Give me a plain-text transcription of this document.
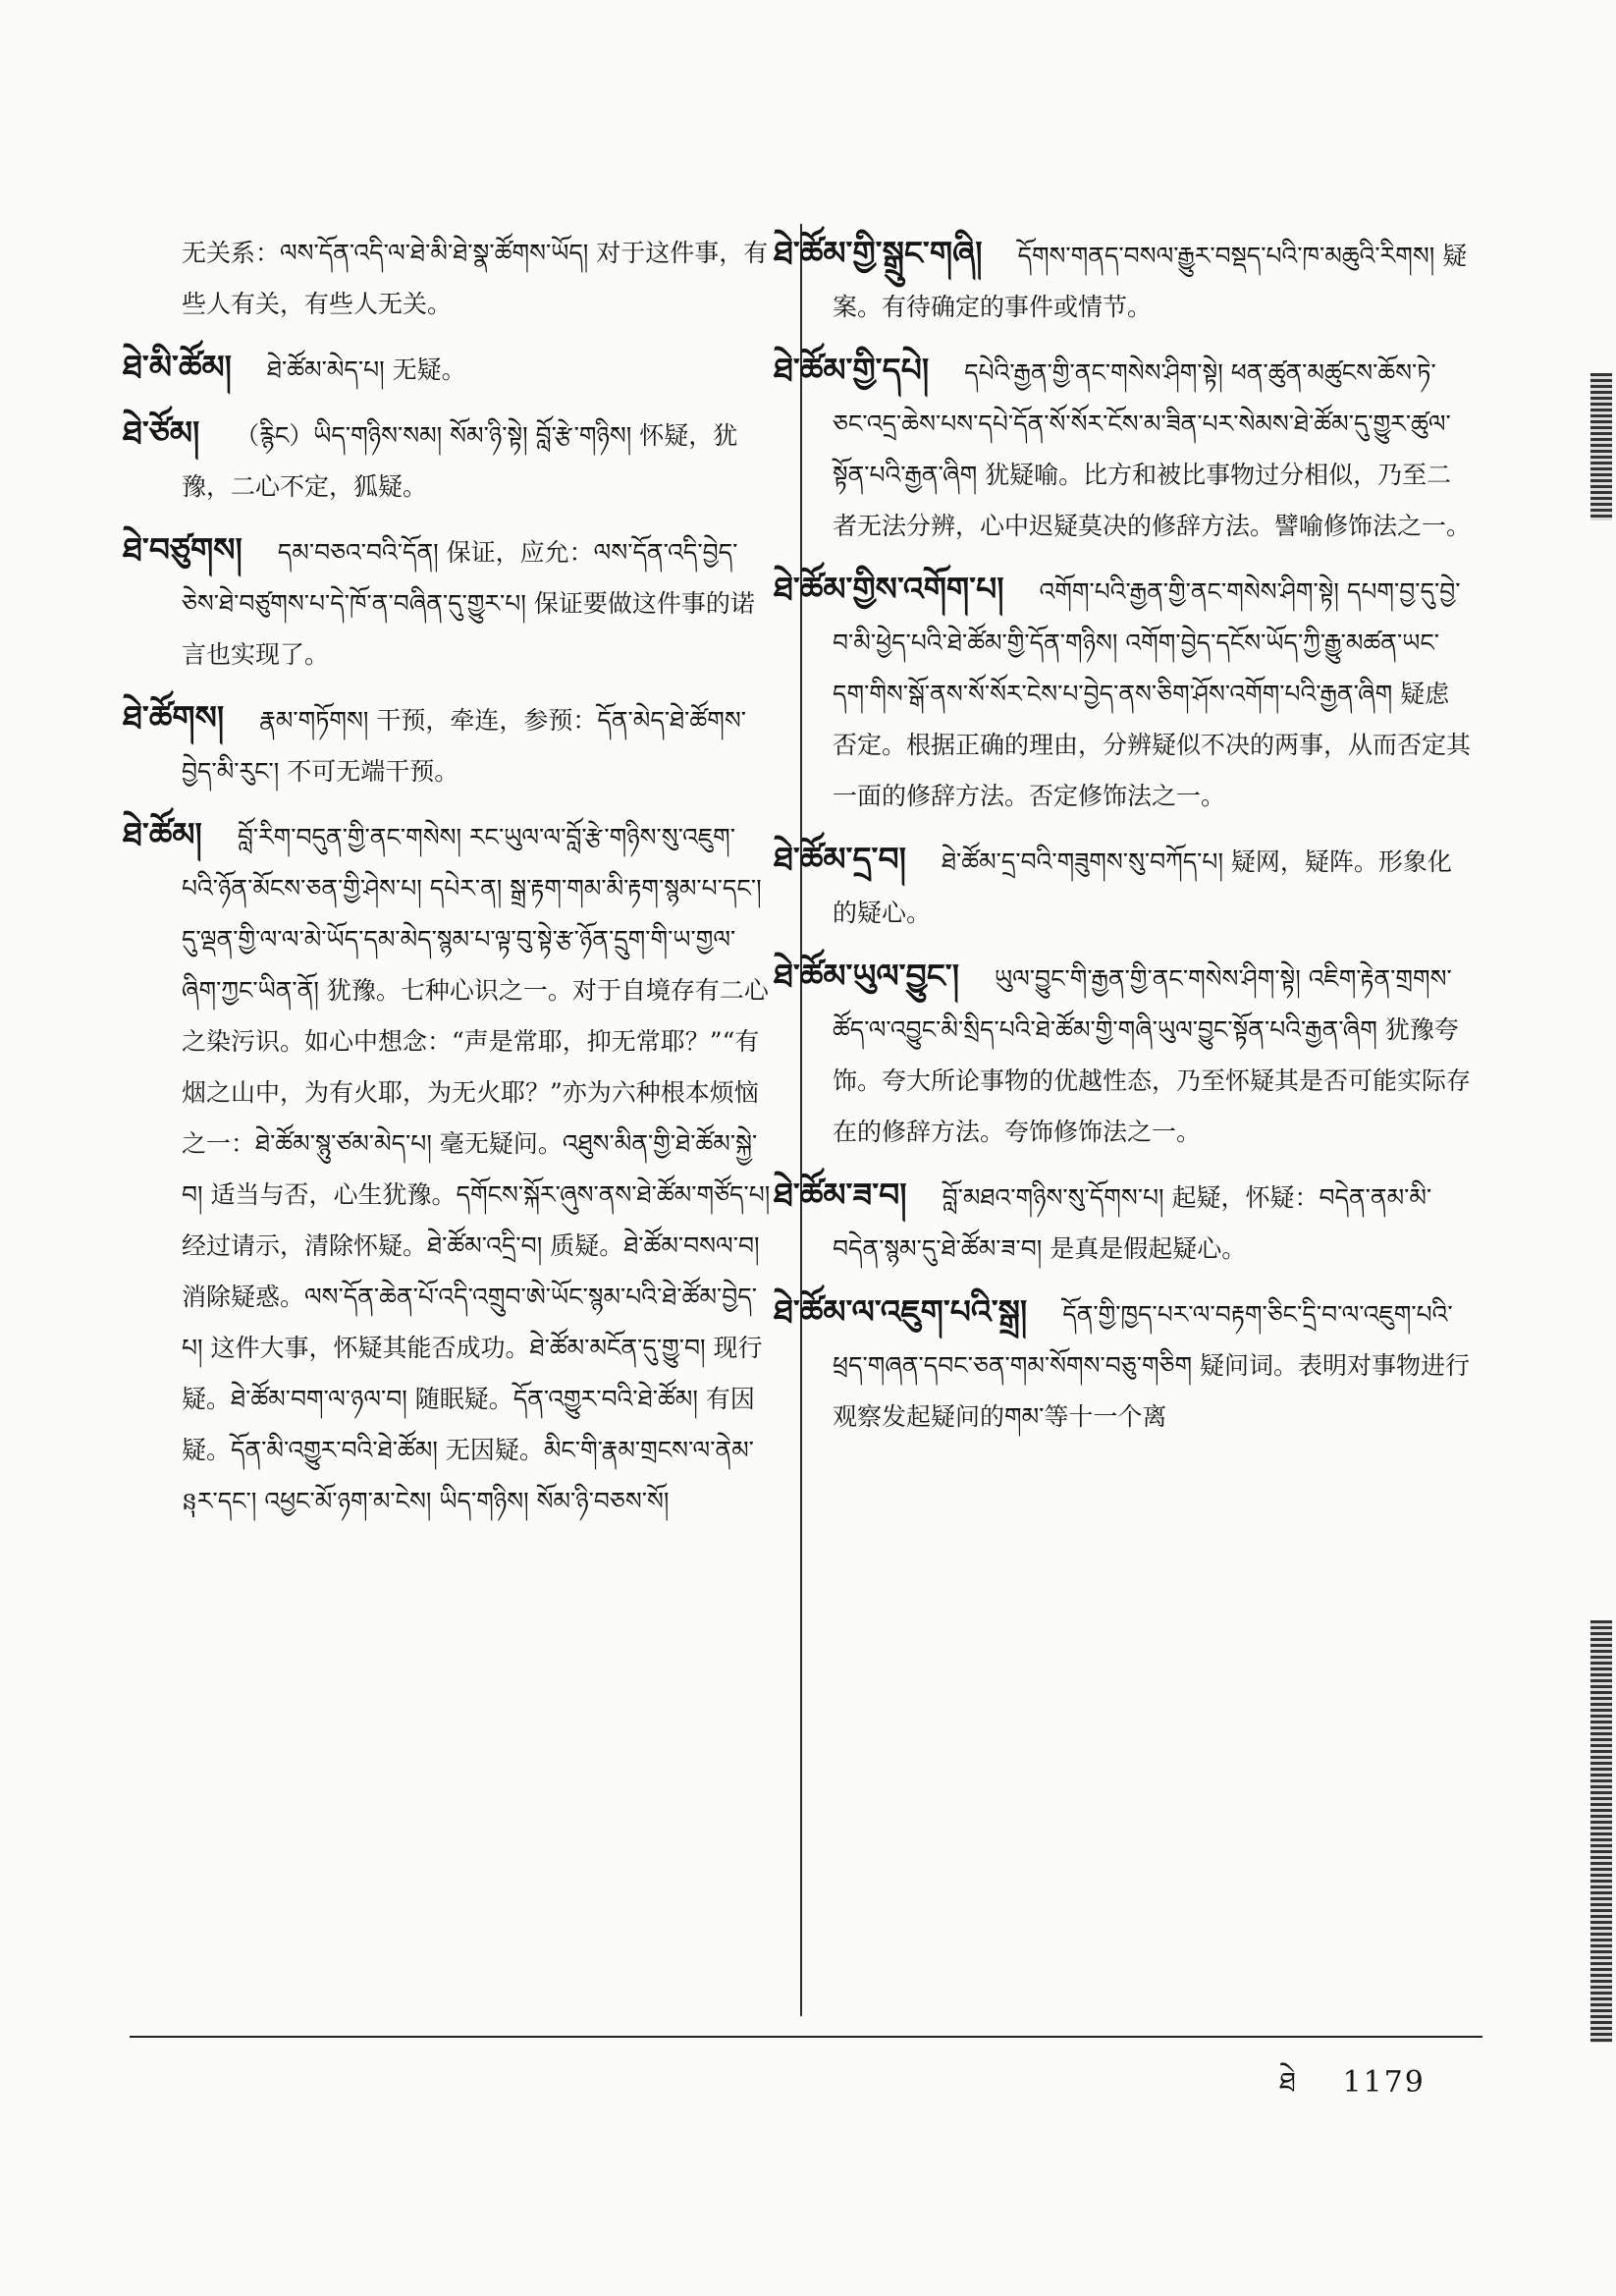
无关系：ལས་དོན་འདི་ལ་ཐེ་མི་ཐེ་སྣ་ཚོགས་ཡོད། 对于这件事，有些人有关，有些人无关。
ཐེ་མི་ཚོམ། ཐེ་ཚོམ་མེད་པ། 无疑。
ཐེ་ཙོམ། （རྙིང）ཡིད་གཉིས་སམ། སོམ་ཉི་སྟེ། བློ་རྩེ་གཉིས། 怀疑，犹豫，二心不定，狐疑。
ཐེ་བཙུགས། དམ་བཅའ་བའི་དོན། 保证，应允：ལས་དོན་འདི་བྱེད་ཅེས་ཐེ་བཙུགས་པ་དེ་ཁོ་ན་བཞིན་དུ་གྱུར་པ། 保证要做这件事的诺言也实现了。
ཐེ་ཚོགས། རྣམ་གཏོགས། 干预，牵连，参预：དོན་མེད་ཐེ་ཚོགས་བྱེད་མི་རུང་། 不可无端干预。
ཐེ་ཚོམ། བློ་རིག་བདུན་གྱི་ནང་གསེས། རང་ཡུལ་ལ་བློ་རྩེ་གཉིས་སུ་འཇུག་པའི་ཉོན་མོངས་ཅན་གྱི་ཤེས་པ། དཔེར་ན། སྒྲ་རྟག་གམ་མི་རྟག་སྙམ་པ་དང་། དུ་ལྡན་གྱི་ལ་ལ་མེ་ཡོད་དམ་མེད་སྙམ་པ་ལྟ་བུ་སྟེ་རྩ་ཉོན་དྲུག་གི་ཡ་གྱལ་ཞིག་ཀྱང་ཡིན་ནོ། 犹豫。七种心识之一。对于自境存有二心之染污识。如心中想念：“声是常耶，抑无常耶？”“有烟之山中，为有火耶，为无火耶？”亦为六种根本烦恼之一：ཐེ་ཚོམ་སྙུ་ཙམ་མེད་པ། 毫无疑问。འཐུས་མིན་གྱི་ཐེ་ཚོམ་སྐྱེ་བ། 适当与否，心生犹豫。དགོངས་སྐོར་ཞུས་ནས་ཐེ་ཚོམ་གཙོད་པ། 经过请示，清除怀疑。ཐེ་ཚོམ་འདྲི་བ། 质疑。ཐེ་ཚོམ་བསལ་བ། 消除疑惑。ལས་དོན་ཆེན་པོ་འདི་འགྲུབ་ཨེ་ཡོང་སྙམ་པའི་ཐེ་ཚོམ་བྱེད་པ། 这件大事，怀疑其能否成功。ཐེ་ཚོམ་མངོན་དུ་གྱུ་བ། 现行疑。ཐེ་ཚོམ་བག་ལ་ཉལ་བ། 随眠疑。དོན་འགྱུར་བའི་ཐེ་ཚོམ། 有因疑。དོན་མི་འགྱུར་བའི་ཐེ་ཚོམ། 无因疑。མིང་གི་རྣམ་གྲངས་ལ་ནེམ་នុར་དང་། འཕྱང་མོ་ཉག་མ་ངེས། ཡིད་གཉིས། སོམ་ཉི་བཅས་སོ།
ཐེ་ཚོམ་གྱི་སྒྲུང་གཞི། དོགས་གནད་བསལ་རྒྱུར་བསྡད་པའི་ཁ་མཆུའི་རིགས། 疑案。有待确定的事件或情节。
ཐེ་ཚོམ་གྱི་དཔེ། དཔེའི་རྒྱན་གྱི་ནང་གསེས་ཤིག་སྟེ། ཕན་ཚུན་མཚུངས་ཆོས་ཏེ་ཅང་འདྲ་ཆེས་པས་དཔེ་དོན་སོ་སོར་ངོས་མ་ཟིན་པར་སེམས་ཐེ་ཚོམ་དུ་གྱུར་ཚུལ་སྟོན་པའི་རྒྱན་ཞིག 犹疑喻。比方和被比事物过分相似，乃至二者无法分辨，心中迟疑莫决的修辞方法。譬喻修饰法之一。
ཐེ་ཚོམ་གྱིས་འགོག་པ། འགོག་པའི་རྒྱན་གྱི་ནང་གསེས་ཤིག་སྟེ། དཔག་བྱ་དུ་བྱེ་བ་མི་ཕྱེད་པའི་ཐེ་ཚོམ་གྱི་དོན་གཉིས། འགོག་བྱེད་དངོས་ཡོད་ཀྱི་རྒྱུ་མཚན་ཡང་དག་གིས་སྒོ་ནས་སོ་སོར་ངེས་པ་བྱེད་ནས་ཅིག་ཤོས་འགོག་པའི་རྒྱན་ཞིག 疑虑否定。根据正确的理由，分辨疑似不决的两事，从而否定其一面的修辞方法。否定修饰法之一。
ཐེ་ཚོམ་དྲ་བ། ཐེ་ཚོམ་དྲ་བའི་གཟུགས་སུ་བཀོད་པ། 疑网，疑阵。形象化的疑心。
ཐེ་ཚོམ་ཡུལ་བྱུང་། ཡུལ་བྱུང་གི་རྒྱན་གྱི་ནང་གསེས་ཤིག་སྟེ། འཇིག་རྟེན་གྲགས་ཚོད་ལ་འབྱུང་མི་སྲིད་པའི་ཐེ་ཚོམ་གྱི་གཞི་ཡུལ་བྱུང་སྟོན་པའི་རྒྱན་ཞིག 犹豫夸饰。夸大所论事物的优越性态，乃至怀疑其是否可能实际存在的修辞方法。夸饰修饰法之一。
ཐེ་ཚོམ་ཟ་བ། བློ་མཐའ་གཉིས་སུ་དོགས་པ། 起疑，怀疑：བདེན་ནམ་མི་བདེན་སྙམ་དུ་ཐེ་ཚོམ་ཟ་བ། 是真是假起疑心。
ཐེ་ཚོམ་ལ་འཇུག་པའི་སྒྲ། དོན་གྱི་ཁྱད་པར་ལ་བརྟག་ཅིང་དྲི་བ་ལ་འཇུག་པའི་ཕྲད་གཞན་དབང་ཅན་གམ་སོགས་བཅུ་གཅིག 疑问词。表明对事物进行观察发起疑问的གམ་等十一个离
ཐེ 1179
